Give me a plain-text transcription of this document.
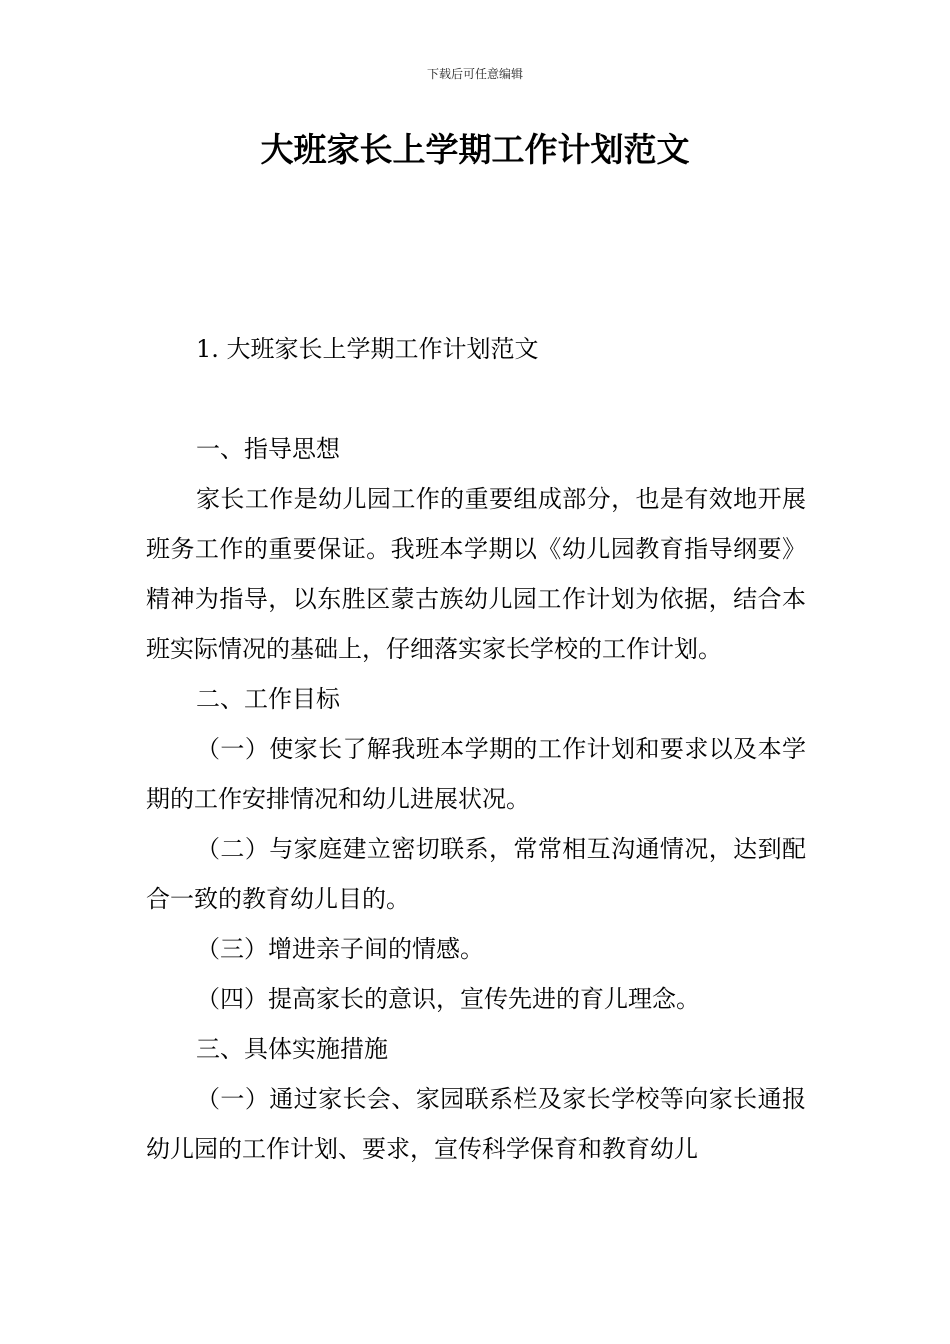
下载后可任意编辑
大班家长上学期工作计划范文

1. 大班家长上学期工作计划范文

一、指导思想

家长工作是幼儿园工作的重要组成部分，也是有效地开展班务工作的重要保证。我班本学期以《幼儿园教育指导纲要》精神为指导，以东胜区蒙古族幼儿园工作计划为依据，结合本班实际情况的基础上，仔细落实家长学校的工作计划。

二、工作目标

（一）使家长了解我班本学期的工作计划和要求以及本学期的工作安排情况和幼儿进展状况。

（二）与家庭建立密切联系，常常相互沟通情况，达到配合一致的教育幼儿目的。

（三）增进亲子间的情感。

（四）提高家长的意识，宣传先进的育儿理念。

三、具体实施措施

（一）通过家长会、家园联系栏及家长学校等向家长通报幼儿园的工作计划、要求，宣传科学保育和教育幼儿
